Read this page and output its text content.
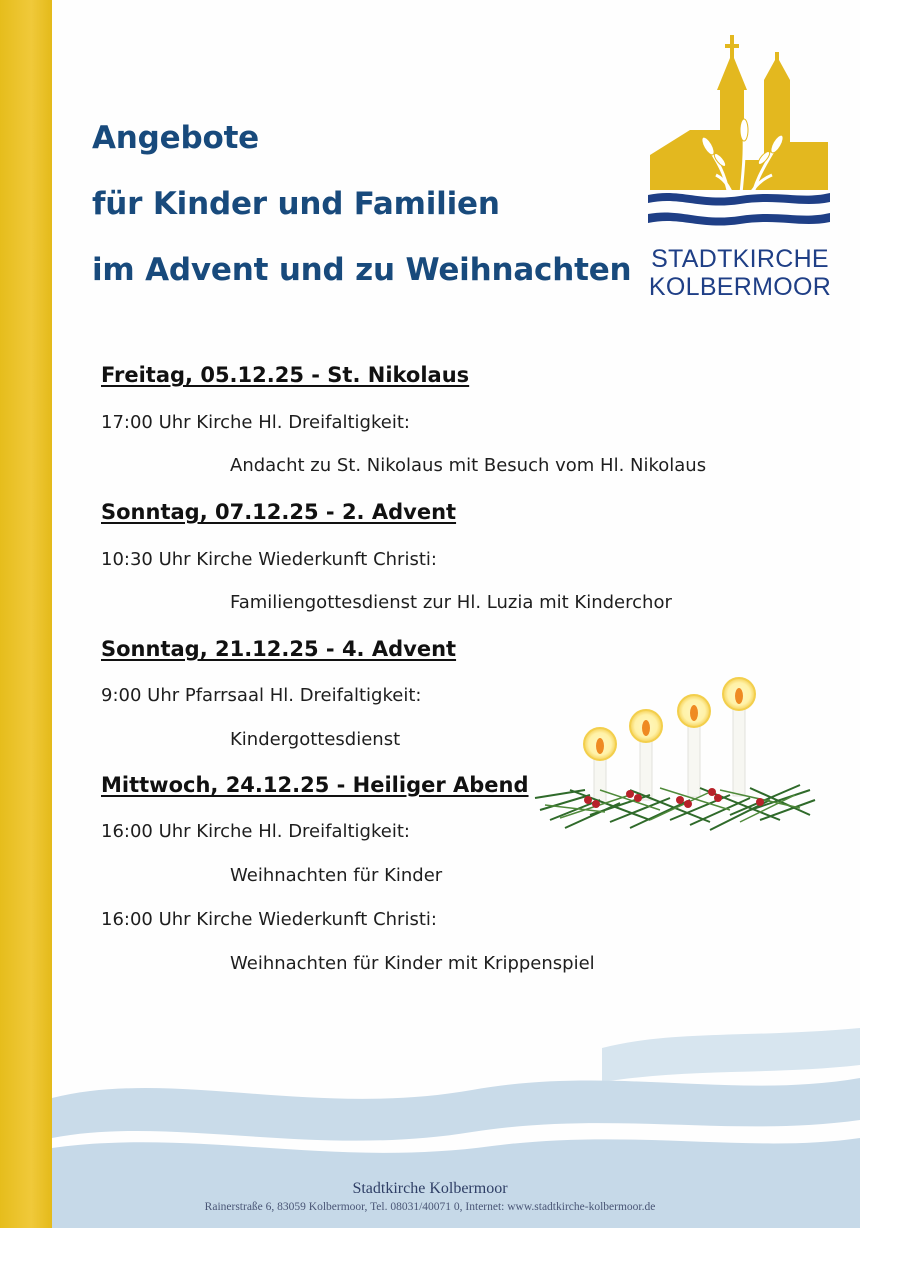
Angebote
für Kinder und Familien
im Advent und zu Weihnachten STADTKIRCHE
KOLBERMOOR
Freitag, 05.12.25 - St. Nikolaus
17:00 Uhr Kirche Hl. Dreifaltigkeit:
Andacht zu St. Nikolaus mit Besuch vom Hl. Nikolaus
Sonntag, 07.12.25 - 2. Advent
10:30 Uhr Kirche Wiederkunft Christi:
Familiengottesdienst zur Hl. Luzia mit Kinderchor
Sonntag, 21.12.25 - 4. Advent
9:00 Uhr Pfarrsaal Hl. Dreifaltigkeit:
Kindergottesdienst
Mittwoch, 24.12.25 - Heiliger Abend
16:00 Uhr Kirche Hl. Dreifaltigkeit:
Weihnachten für Kinder
16:00 Uhr Kirche Wiederkunft Christi:
Weihnachten für Kinder mit Krippenspiel
Stadtkirche Kolbermoor
Rainerstraße 6, 83059 Kolbermoor, Tel. 08031/40071 0, Internet: www.stadtkirche-kolbermoor.de
